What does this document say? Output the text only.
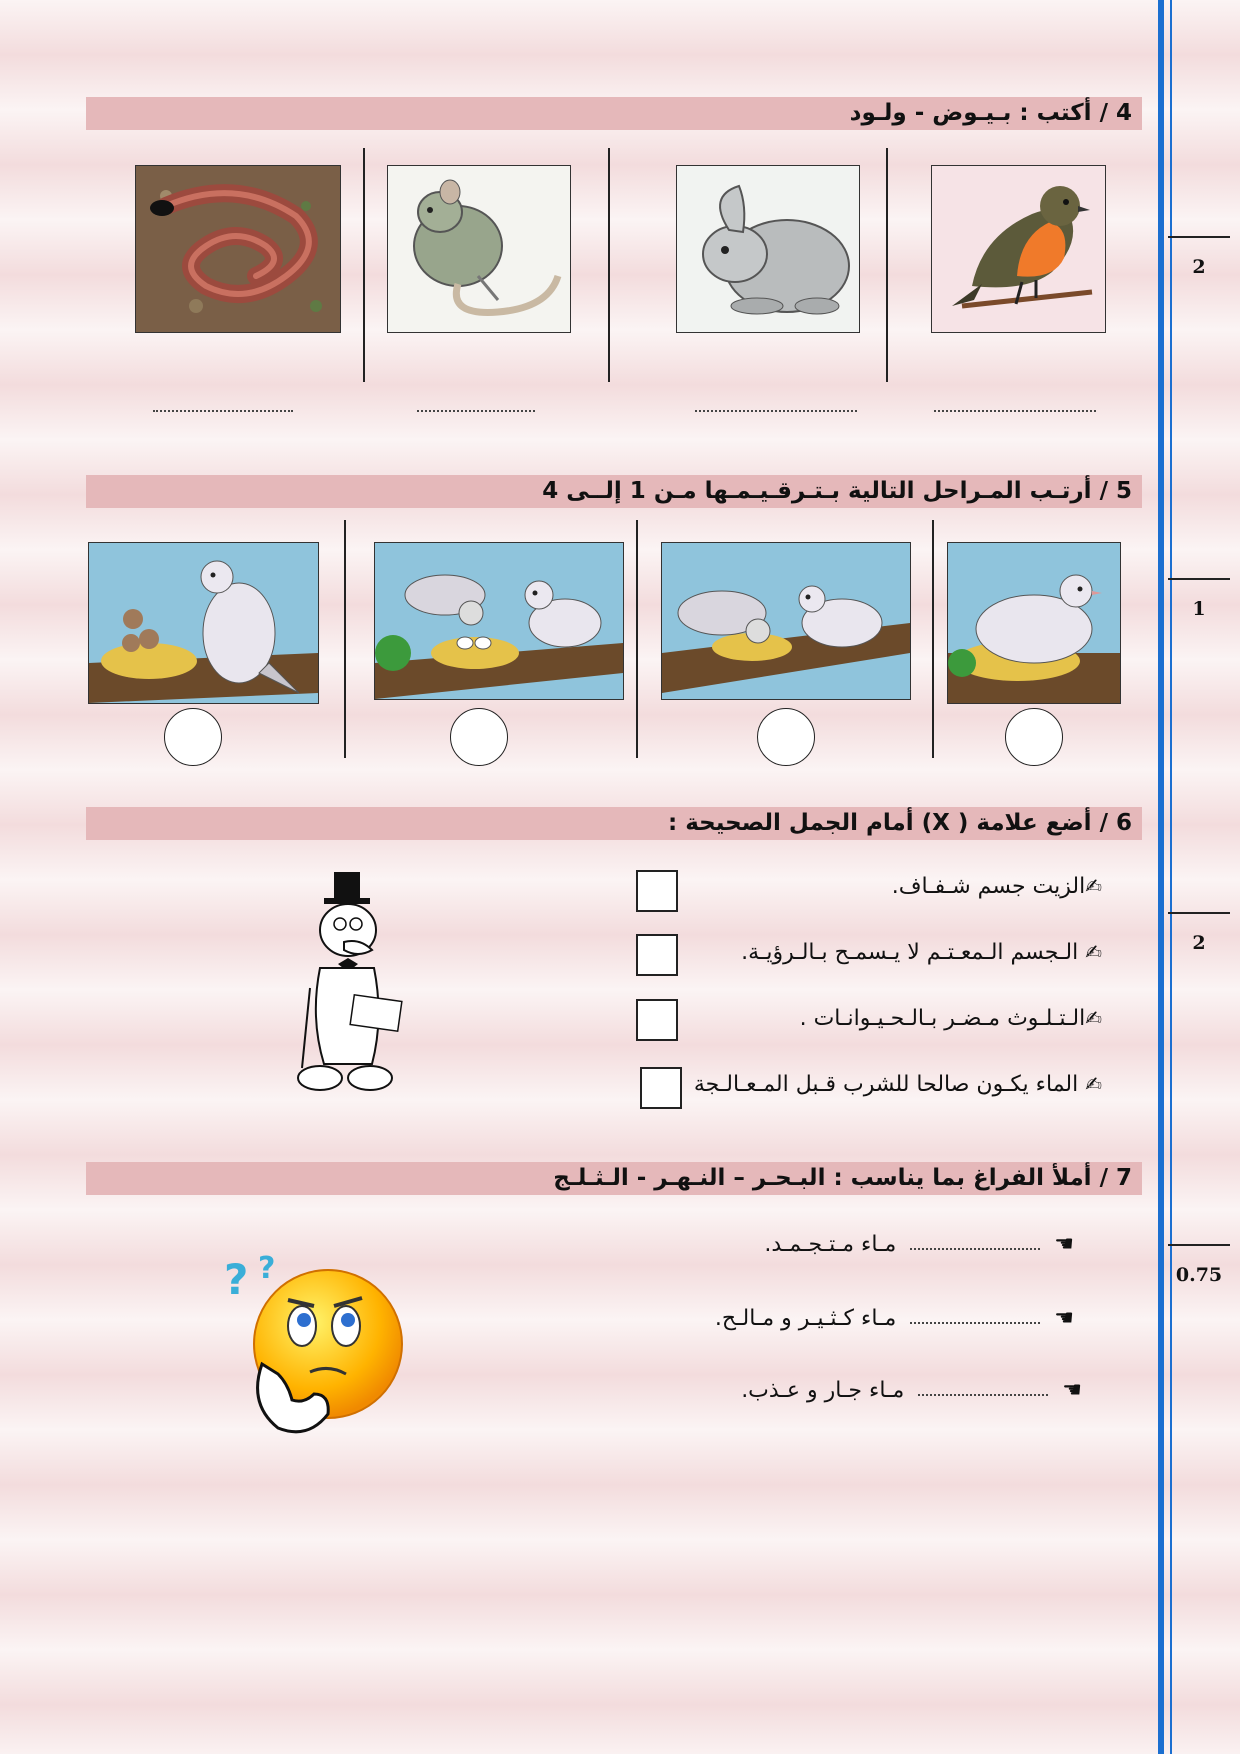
2
1
2
0.75
4 / أكتب : بـيـوض - ولـود
5 / أرتـب المـراحل التالية بـتـرقـيـمـها مـن 1 إلــى 4
6 / أضع علامة ( X) أمام الجمل الصحيحة :
✍الزيت جسم شـفـاف.
✍ الـجسم الـمعـتـم لا يـسمـح بـالـرؤيـة.
✍الـتـلـوث مـضـر بـالـحـيـوانـات .
✍ الماء يكـون صالحا للشرب قـبل المـعـالـجة
7 / أملأ الفراغ بما يناسب : البـحـر – النـهـر - الـثـلـج
☚
مـاء مـتـجـمـد.
☚
مـاء كـثـيـر و مـالـح.
☚
مـاء جـار و عـذب.
? ?
